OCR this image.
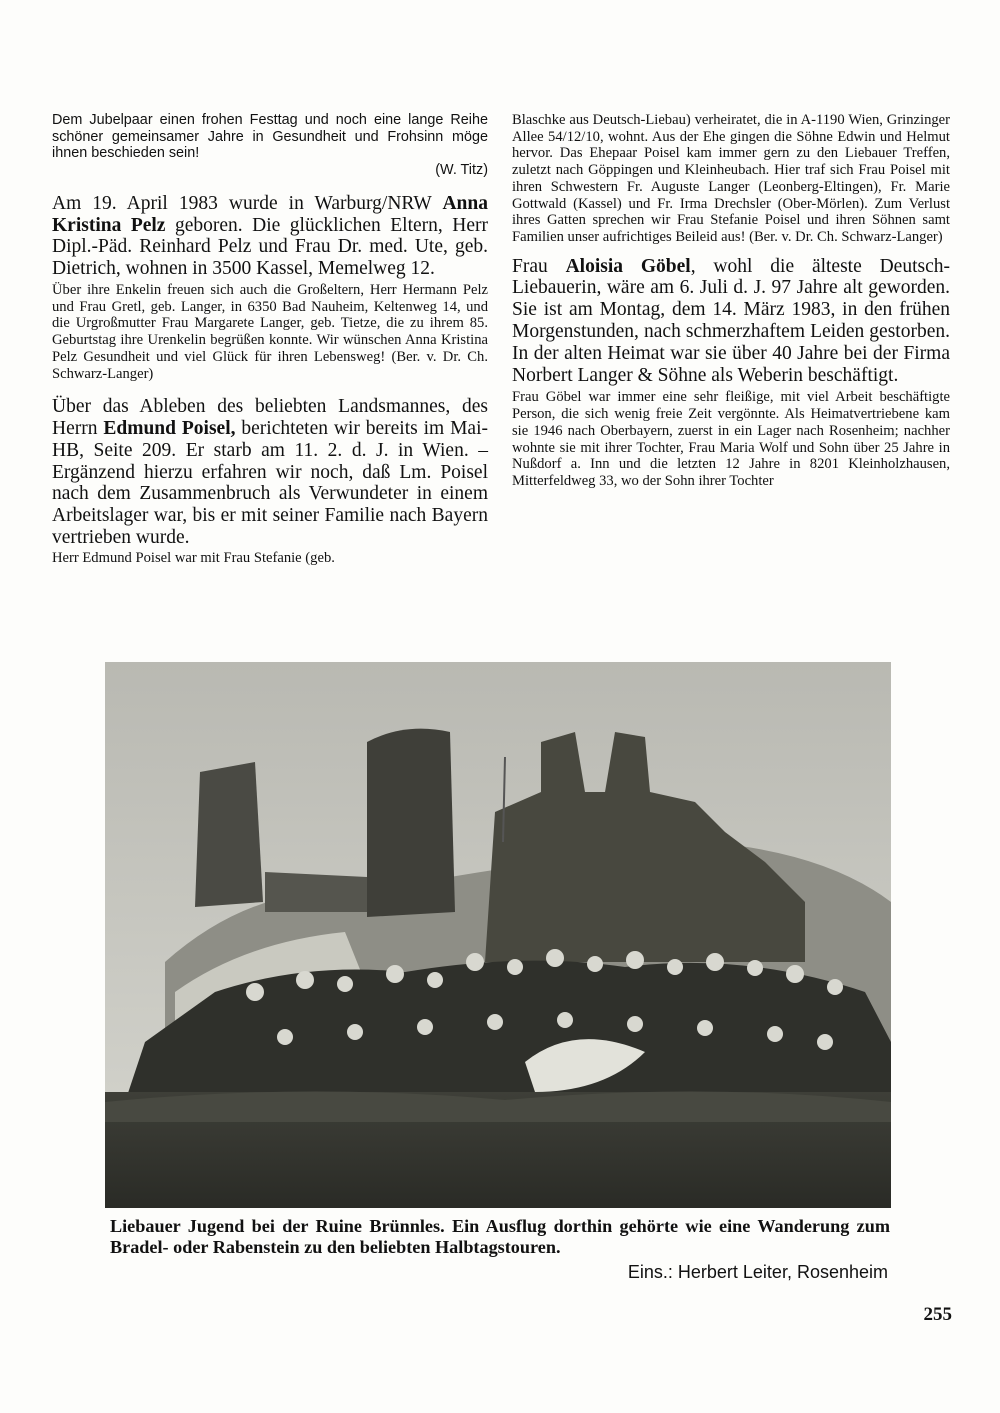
Dem Jubelpaar einen frohen Festtag und noch eine lange Reihe schöner gemeinsamer Jahre in Gesundheit und Frohsinn möge ihnen beschieden sein!

(W. Titz)

Am 19. April 1983 wurde in Warburg/NRW Anna Kristina Pelz geboren. Die glücklichen Eltern, Herr Dipl.-Päd. Reinhard Pelz und Frau Dr. med. Ute, geb. Dietrich, wohnen in 3500 Kassel, Memelweg 12.

Über ihre Enkelin freuen sich auch die Großeltern, Herr Hermann Pelz und Frau Gretl, geb. Langer, in 6350 Bad Nauheim, Keltenweg 14, und die Urgroßmutter Frau Margarete Langer, geb. Tietze, die zu ihrem 85. Geburtstag ihre Urenkelin begrüßen konnte. Wir wünschen Anna Kristina Pelz Gesundheit und viel Glück für ihren Lebensweg! (Ber. v. Dr. Ch. Schwarz-Langer)

Über das Ableben des beliebten Landsmannes, des Herrn Edmund Poisel, berichteten wir bereits im Mai-HB, Seite 209. Er starb am 11. 2. d. J. in Wien. – Ergänzend hierzu erfahren wir noch, daß Lm. Poisel nach dem Zusammenbruch als Verwundeter in einem Arbeitslager war, bis er mit seiner Familie nach Bayern vertrieben wurde.

Herr Edmund Poisel war mit Frau Stefanie (geb.

Blaschke aus Deutsch-Liebau) verheiratet, die in A-1190 Wien, Grinzinger Allee 54/12/10, wohnt. Aus der Ehe gingen die Söhne Edwin und Helmut hervor. Das Ehepaar Poisel kam immer gern zu den Liebauer Treffen, zuletzt nach Göppingen und Kleinheubach. Hier traf sich Frau Poisel mit ihren Schwestern Fr. Auguste Langer (Leonberg-Eltingen), Fr. Marie Gottwald (Kassel) und Fr. Irma Drechsler (Ober-Mörlen). Zum Verlust ihres Gatten sprechen wir Frau Stefanie Poisel und ihren Söhnen samt Familien unser aufrichtiges Beileid aus! (Ber. v. Dr. Ch. Schwarz-Langer)

Frau Aloisia Göbel, wohl die älteste Deutsch-Liebauerin, wäre am 6. Juli d. J. 97 Jahre alt geworden. Sie ist am Montag, dem 14. März 1983, in den frühen Morgenstunden, nach schmerzhaftem Leiden gestorben. In der alten Heimat war sie über 40 Jahre bei der Firma Norbert Langer & Söhne als Weberin beschäftigt.

Frau Göbel war immer eine sehr fleißige, mit viel Arbeit beschäftigte Person, die sich wenig freie Zeit vergönnte. Als Heimatvertriebene kam sie 1946 nach Oberbayern, zuerst in ein Lager nach Rosenheim; nachher wohnte sie mit ihrer Tochter, Frau Maria Wolf und Sohn über 25 Jahre in Nußdorf a. Inn und die letzten 12 Jahre in 8201 Kleinholzhausen, Mitterfeldweg 33, wo der Sohn ihrer Tochter

Liebauer Jugend bei der Ruine Brünnles. Ein Ausflug dorthin gehörte wie eine Wanderung zum Bradel- oder Rabenstein zu den beliebten Halbtagstouren.

Eins.: Herbert Leiter, Rosenheim
255
